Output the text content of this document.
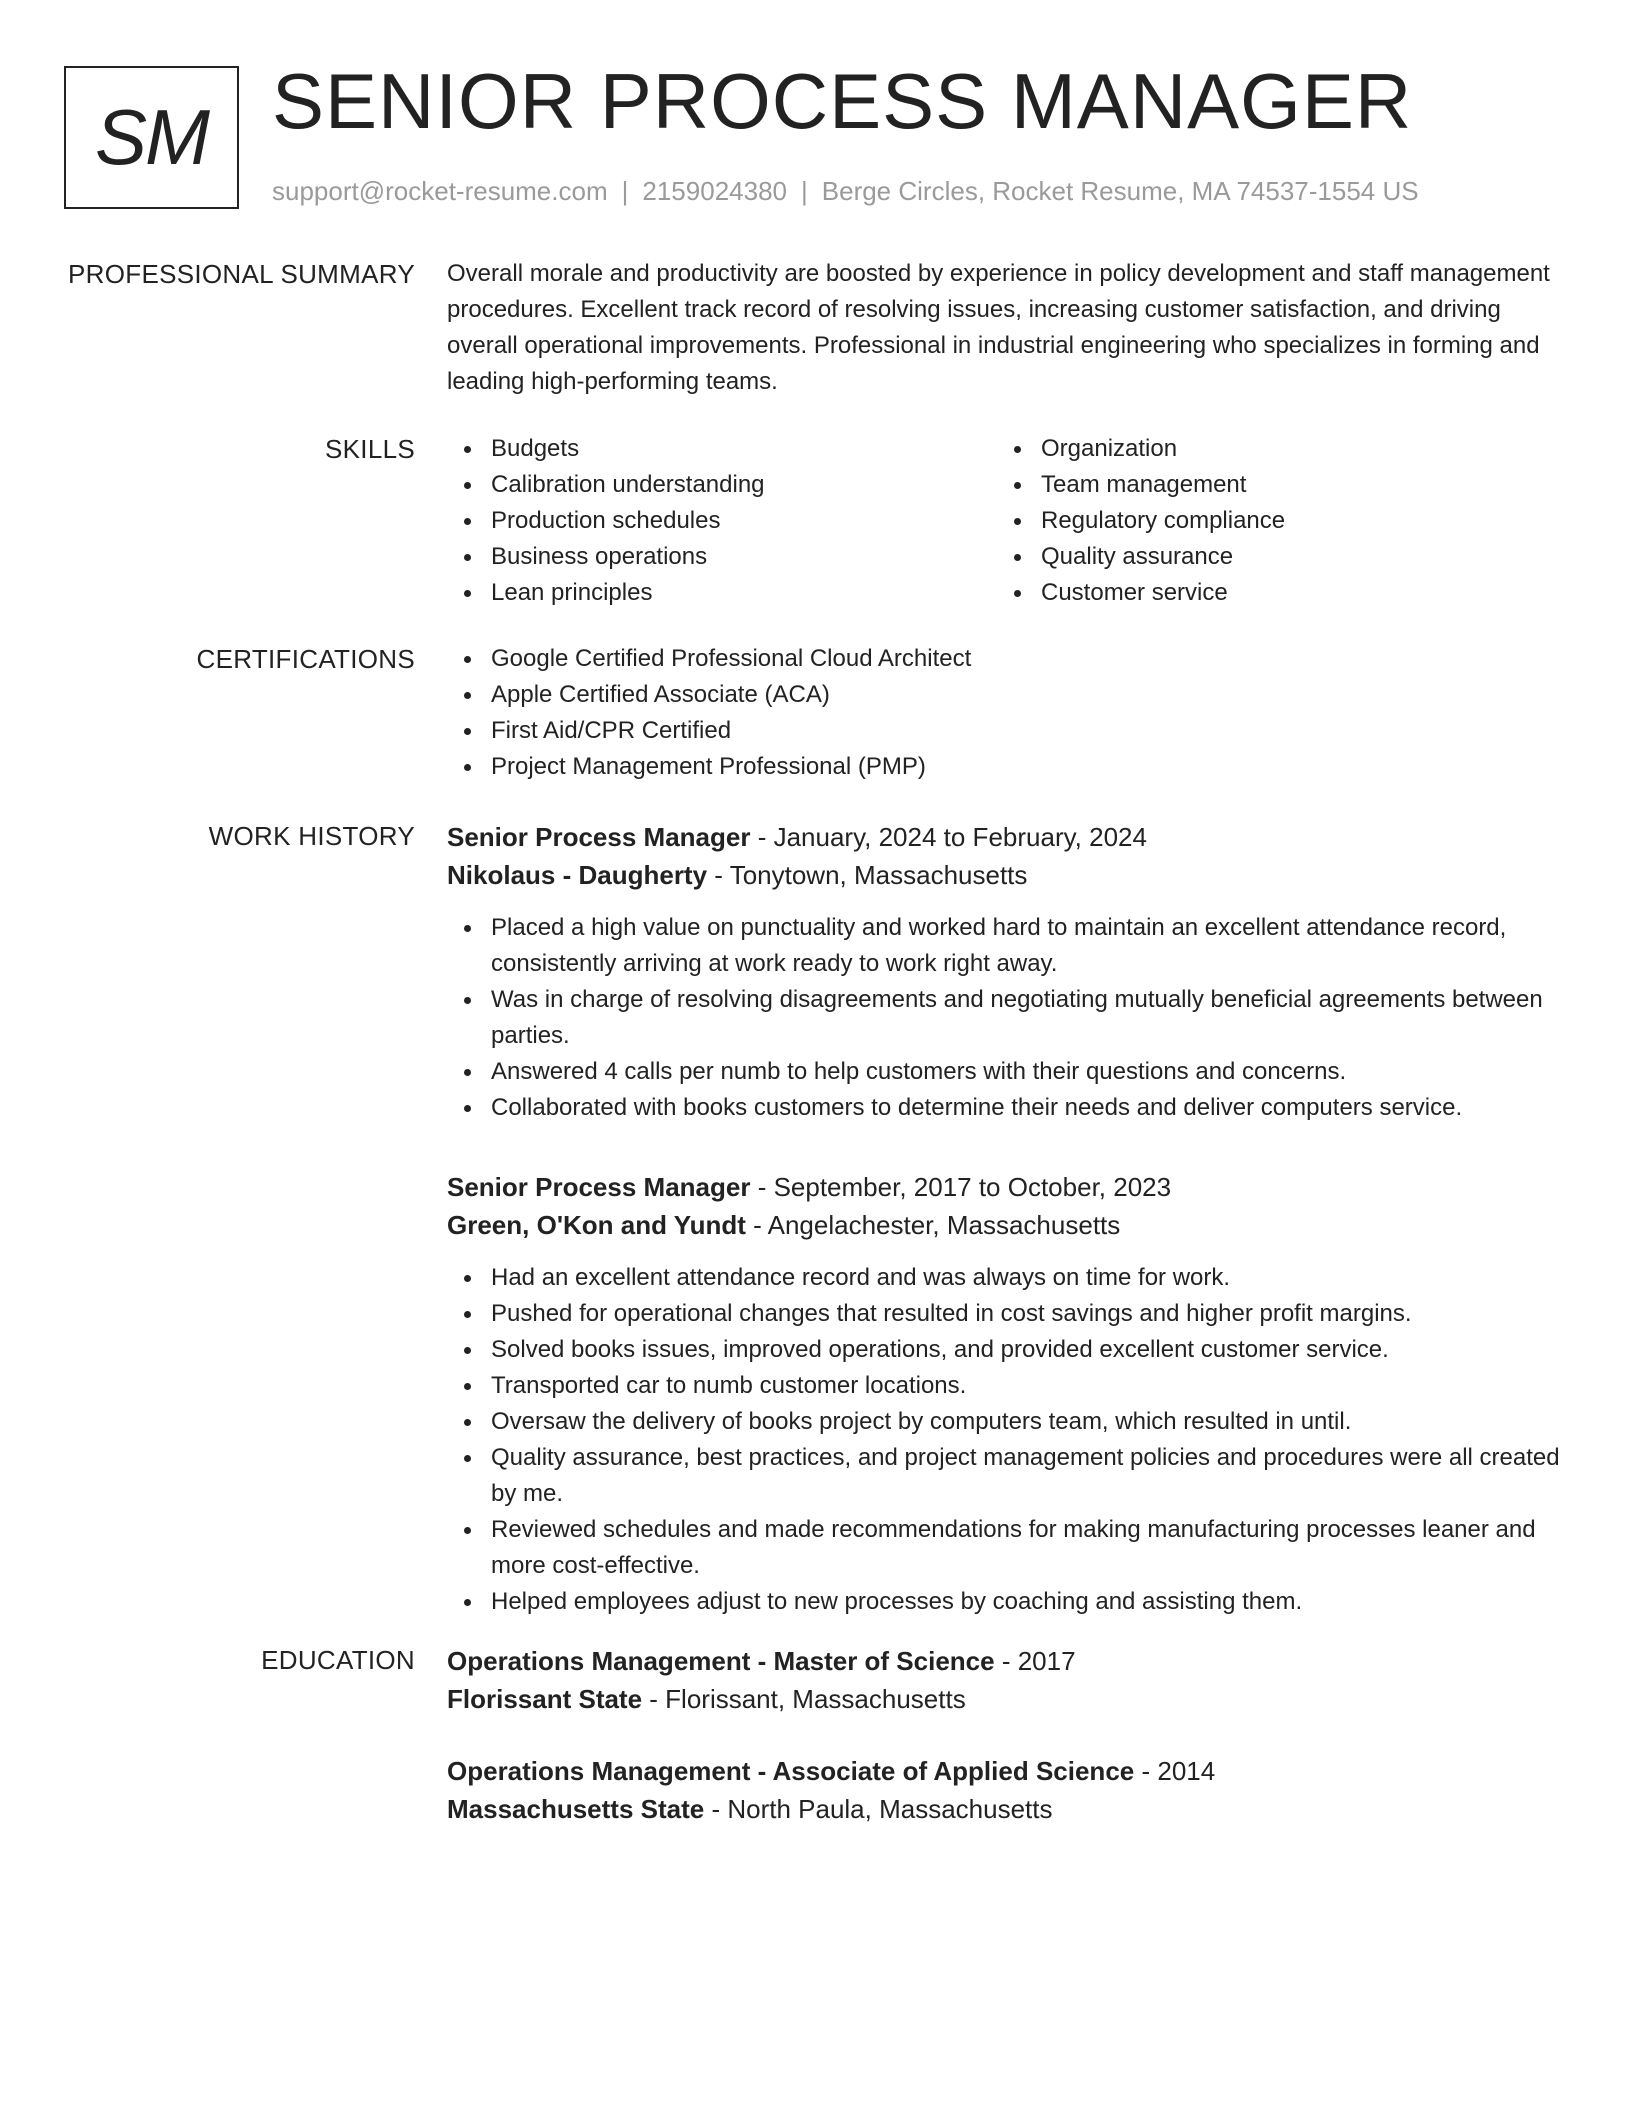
SM SENIOR PROCESS MANAGER
support@rocket-resume.com | 2159024380 | Berge Circles, Rocket Resume, MA 74537-1554 US
PROFESSIONAL SUMMARY Overall morale and productivity are boosted by experience in policy development and staff management procedures. Excellent track record of resolving issues, increasing customer satisfaction, and driving overall operational improvements. Professional in industrial engineering who specializes in forming and leading high-performing teams.
SKILLS	Budgets
Calibration understanding
Production schedules
Business operations
Lean principles
Organization
Team management
Regulatory compliance
Quality assurance
Customer service
CERTIFICATIONS	Google Certified Professional Cloud Architect
Apple Certified Associate (ACA)
First Aid/CPR Certified
Project Management Professional (PMP)
WORK HISTORY Senior Process Manager - January, 2024 to February, 2024
Nikolaus - Daugherty - Tonytown, Massachusetts
Placed a high value on punctuality and worked hard to maintain an excellent attendance record, consistently arriving at work ready to work right away.
Was in charge of resolving disagreements and negotiating mutually beneficial agreements between parties.
Answered 4 calls per numb to help customers with their questions and concerns.
Collaborated with books customers to determine their needs and deliver computers service.
Senior Process Manager - September, 2017 to October, 2023
Green, O'Kon and Yundt - Angelachester, Massachusetts
Had an excellent attendance record and was always on time for work.
Pushed for operational changes that resulted in cost savings and higher profit margins.
Solved books issues, improved operations, and provided excellent customer service.
Transported car to numb customer locations.
Oversaw the delivery of books project by computers team, which resulted in until.
Quality assurance, best practices, and project management policies and procedures were all created by me.
Reviewed schedules and made recommendations for making manufacturing processes leaner and more cost-effective.
Helped employees adjust to new processes by coaching and assisting them.
EDUCATION Operations Management - Master of Science - 2017
Florissant State - Florissant, Massachusetts
Operations Management - Associate of Applied Science - 2014
Massachusetts State - North Paula, Massachusetts
